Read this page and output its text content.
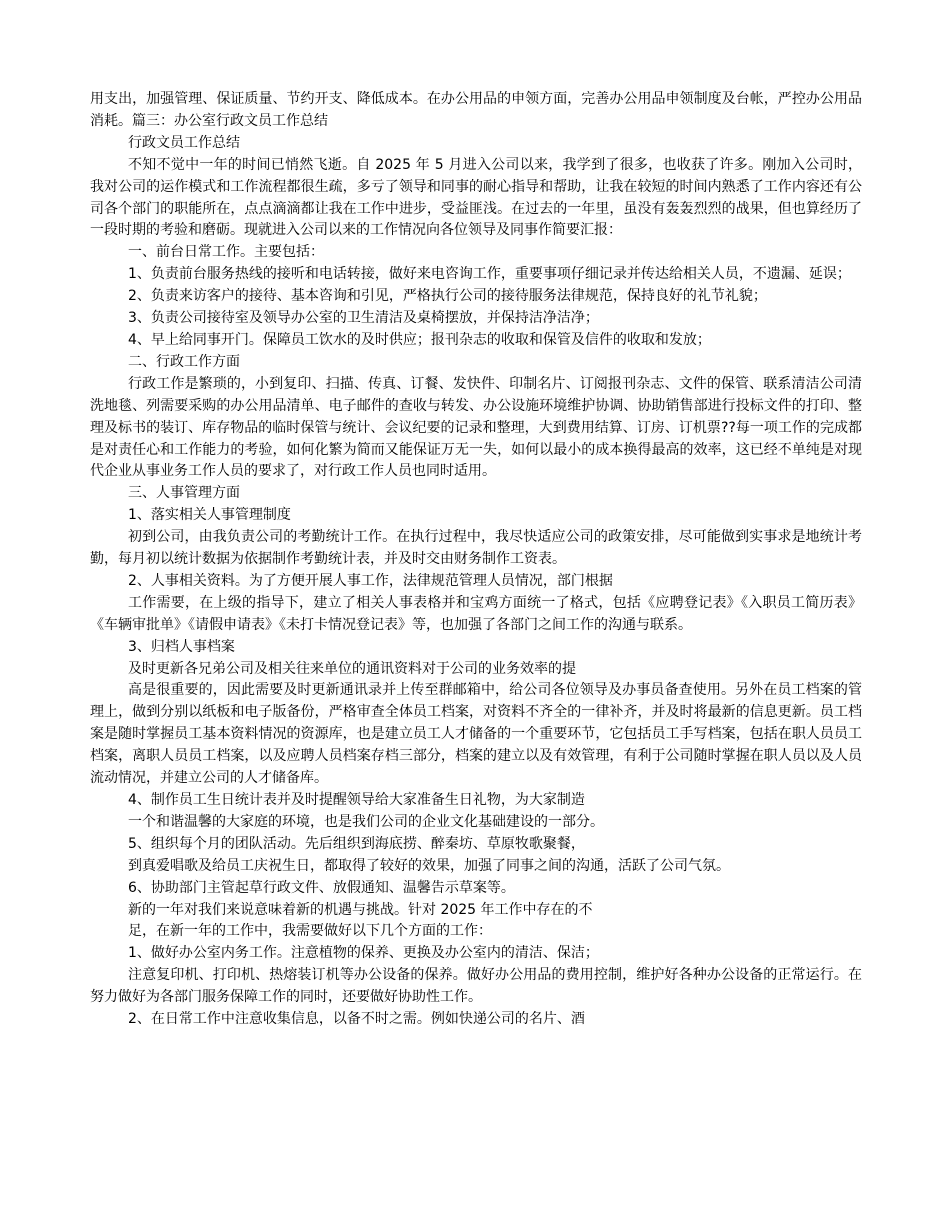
用支出，加强管理、保证质量、节约开支、降低成本。在办公用品的申领方面，完善办公用品申领制度及台帐，严控办公用品消耗。篇三：办公室行政文员工作总结

行政文员工作总结

不知不觉中一年的时间已悄然飞逝。自 2025 年 5 月进入公司以来，我学到了很多，也收获了许多。刚加入公司时，我对公司的运作模式和工作流程都很生疏，多亏了领导和同事的耐心指导和帮助，让我在较短的时间内熟悉了工作内容还有公司各个部门的职能所在，点点滴滴都让我在工作中进步，受益匪浅。在过去的一年里，虽没有轰轰烈烈的战果，但也算经历了一段时期的考验和磨砺。现就进入公司以来的工作情况向各位领导及同事作简要汇报：

一、前台日常工作。主要包括：

1、负责前台服务热线的接听和电话转接，做好来电咨询工作，重要事项仔细记录并传达给相关人员，不遗漏、延误；

2、负责来访客户的接待、基本咨询和引见，严格执行公司的接待服务法律规范，保持良好的礼节礼貌；

3、负责公司接待室及领导办公室的卫生清洁及桌椅摆放，并保持洁净洁净；

4、早上给同事开门。保障员工饮水的及时供应；报刊杂志的收取和保管及信件的收取和发放；

二、行政工作方面

行政工作是繁琐的，小到复印、扫描、传真、订餐、发快件、印制名片、订阅报刊杂志、文件的保管、联系清洁公司清洗地毯、列需要采购的办公用品清单、电子邮件的查收与转发、办公设施环境维护协调、协助销售部进行投标文件的打印、整理及标书的装订、库存物品的临时保管与统计、会议纪要的记录和整理，大到费用结算、订房、订机票??每一项工作的完成都是对责任心和工作能力的考验，如何化繁为简而又能保证万无一失，如何以最小的成本换得最高的效率，这已经不单纯是对现代企业从事业务工作人员的要求了，对行政工作人员也同时适用。

三、人事管理方面

1、落实相关人事管理制度

初到公司，由我负责公司的考勤统计工作。在执行过程中，我尽快适应公司的政策安排，尽可能做到实事求是地统计考勤，每月初以统计数据为依据制作考勤统计表，并及时交由财务制作工资表。

2、人事相关资料。为了方便开展人事工作，法律规范管理人员情况，部门根据

工作需要，在上级的指导下，建立了相关人事表格并和宝鸡方面统一了格式，包括《应聘登记表》《入职员工简历表》《车辆审批单》《请假申请表》《未打卡情况登记表》等，也加强了各部门之间工作的沟通与联系。

3、归档人事档案

及时更新各兄弟公司及相关往来单位的通讯资料对于公司的业务效率的提

高是很重要的，因此需要及时更新通讯录并上传至群邮箱中，给公司各位领导及办事员备查使用。另外在员工档案的管理上，做到分别以纸板和电子版备份，严格审查全体员工档案，对资料不齐全的一律补齐，并及时将最新的信息更新。员工档案是随时掌握员工基本资料情况的资源库，也是建立员工人才储备的一个重要环节，它包括员工手写档案，包括在职人员员工档案，离职人员员工档案，以及应聘人员档案存档三部分，档案的建立以及有效管理，有利于公司随时掌握在职人员以及人员流动情况，并建立公司的人才储备库。

4、制作员工生日统计表并及时提醒领导给大家准备生日礼物，为大家制造

一个和谐温馨的大家庭的环境，也是我们公司的企业文化基础建设的一部分。

5、组织每个月的团队活动。先后组织到海底捞、醉秦坊、草原牧歌聚餐，

到真爱唱歌及给员工庆祝生日，都取得了较好的效果，加强了同事之间的沟通，活跃了公司气氛。

6、协助部门主管起草行政文件、放假通知、温馨告示草案等。

新的一年对我们来说意味着新的机遇与挑战。针对 2025 年工作中存在的不

足，在新一年的工作中，我需要做好以下几个方面的工作：

1、做好办公室内务工作。注意植物的保养、更换及办公室内的清洁、保洁；

注意复印机、打印机、热熔装订机等办公设备的保养。做好办公用品的费用控制，维护好各种办公设备的正常运行。在努力做好为各部门服务保障工作的同时，还要做好协助性工作。

2、在日常工作中注意收集信息，以备不时之需。例如快递公司的名片、酒
